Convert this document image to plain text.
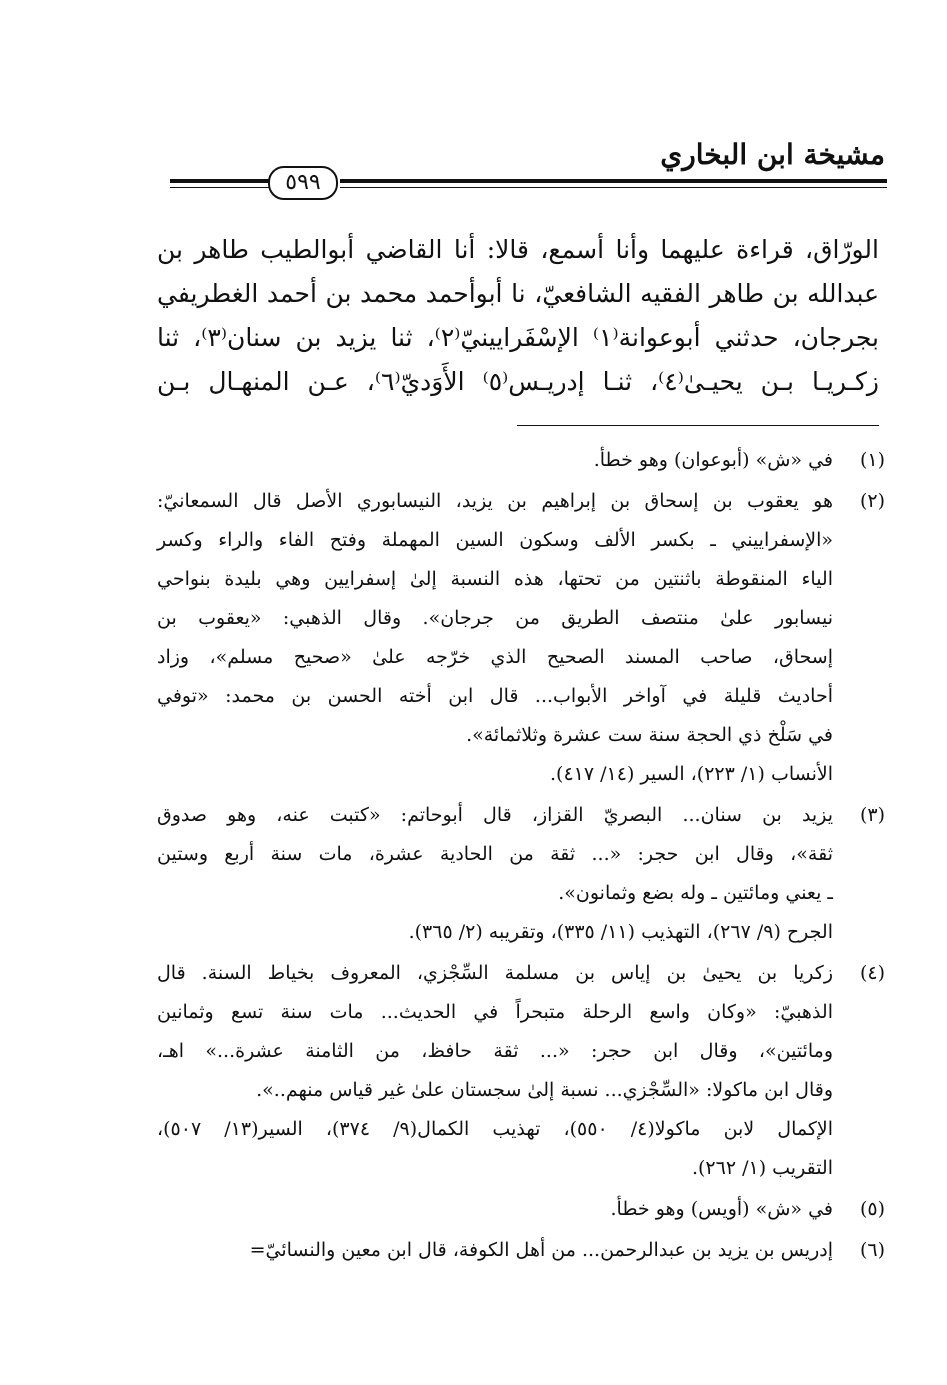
مشيخة ابن البخاري
٥٩٩
الورّاق، قراءة عليهما وأنا أسمع، قالا: أنا القاضي أبوالطيب طاهر بن
عبدالله بن طاهر الفقيه الشافعيّ، نا أبوأحمد محمد بن أحمد الغطريفي
بجرجان، حدثني أبوعوانة⁽١⁾ الإسْفَرايينيّ⁽٢⁾، ثنا يزيد بن سنان⁽٣⁾، ثنا
زكـريـا بـن يحيـىٰ⁽٤⁾، ثنـا إدريـس⁽٥⁾ الأَوَديّ⁽٦⁾، عـن المنهـال بـن
(١)
في «ش» (أبوعوان) وهو خطأ.
(٢)
هو يعقوب بن إسحاق بن إبراهيم بن يزيد، النيسابوري الأصل قال السمعانيّ:
«الإسفراييني ـ بكسر الألف وسكون السين المهملة وفتح الفاء والراء وكسر
الياء المنقوطة باثنتين من تحتها، هذه النسبة إلىٰ إسفرايين وهي بليدة بنواحي
نيسابور علىٰ منتصف الطريق من جرجان». وقال الذهبي: «يعقوب بن
إسحاق، صاحب المسند الصحيح الذي خرّجه علىٰ «صحيح مسلم»، وزاد
أحاديث قليلة في آواخر الأبواب... قال ابن أخته الحسن بن محمد: «توفي
في سَلْخ ذي الحجة سنة ست عشرة وثلاثمائة».
الأنساب (١/ ٢٢٣)، السير (١٤/ ٤١٧).
(٣)
يزيد بن سنان... البصريّ القزاز، قال أبوحاتم: «كتبت عنه، وهو صدوق
ثقة»، وقال ابن حجر: «... ثقة من الحادية عشرة، مات سنة أربع وستين
ـ يعني ومائتين ـ وله بضع وثمانون».
الجرح (٩/ ٢٦٧)، التهذيب (١١/ ٣٣٥)، وتقريبه (٢/ ٣٦٥).
(٤)
زكريا بن يحيىٰ بن إياس بن مسلمة السِّجْزي، المعروف بخياط السنة. قال
الذهبيّ: «وكان واسع الرحلة متبحراً في الحديث... مات سنة تسع وثمانين
ومائتين»، وقال ابن حجر: «... ثقة حافظ، من الثامنة عشرة...» اهـ،
وقال ابن ماكولا: «السِّجْزي... نسبة إلىٰ سجستان علىٰ غير قياس منهم..».
الإكمال لابن ماكولا(٤/ ٥٥٠)، تهذيب الكمال(٩/ ٣٧٤)، السير(١٣/ ٥٠٧)،
التقريب (١/ ٢٦٢).
(٥)
في «ش» (أويس) وهو خطأ.
(٦)
إدريس بن يزيد بن عبدالرحمن... من أهل الكوفة، قال ابن معين والنسائيّ=
